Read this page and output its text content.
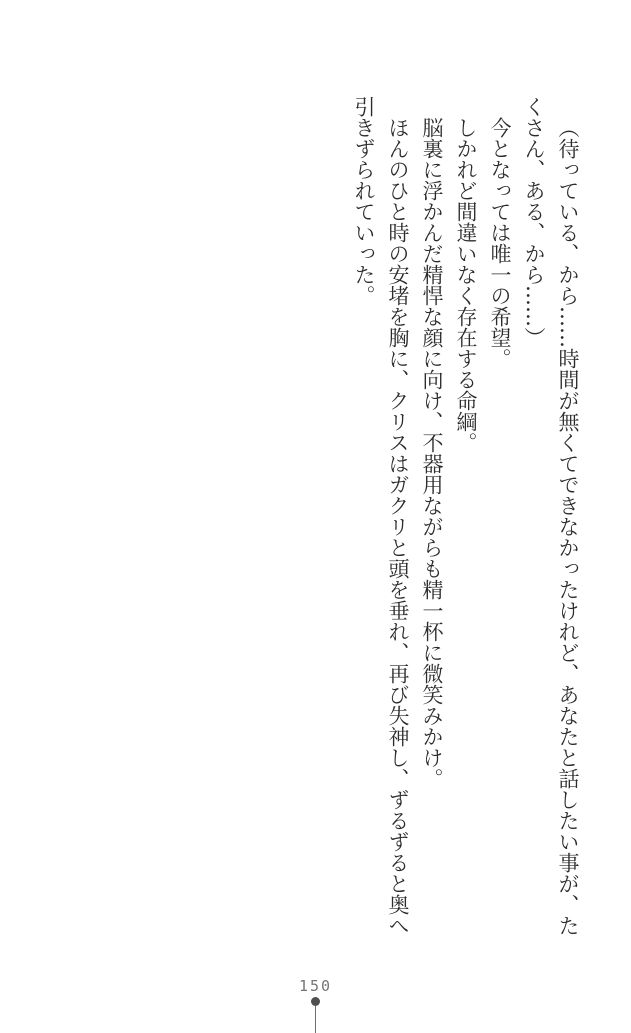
（待っている、から……時間が無くてできなかったけれど、あなたと話したい事が、たくさん、ある、から……）

今となっては唯一の希望。

しかれど間違いなく存在する命綱。

脳裏に浮かんだ精悍な顔に向け、不器用ながらも精一杯に微笑みかけ。

ほんのひと時の安堵を胸に、クリスはガクリと頭を垂れ、再び失神し、ずるずると奥へ引きずられていった。

150
